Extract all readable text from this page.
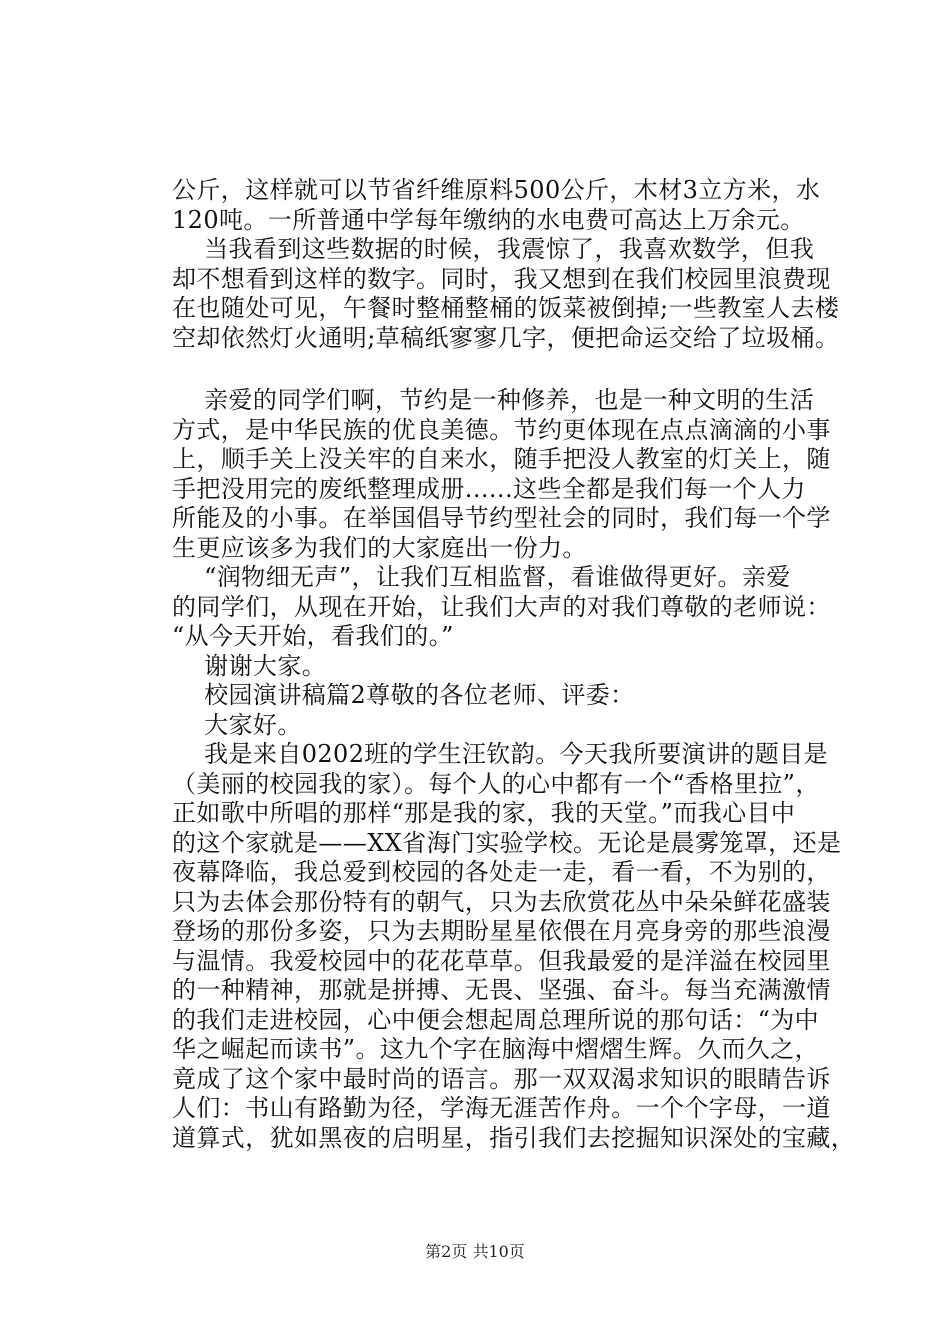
公斤，这样就可以节省纤维原料500公斤，木材3立方米，水
120吨。一所普通中学每年缴纳的水电费可高达上万余元。
当我看到这些数据的时候，我震惊了，我喜欢数学，但我
却不想看到这样的数字。同时，我又想到在我们校园里浪费现
在也随处可见，午餐时整桶整桶的饭菜被倒掉;一些教室人去楼
空却依然灯火通明;草稿纸寥寥几字，便把命运交给了垃圾桶。
亲爱的同学们啊，节约是一种修养，也是一种文明的生活
方式，是中华民族的优良美德。节约更体现在点点滴滴的小事
上，顺手关上没关牢的自来水，随手把没人教室的灯关上，随
手把没用完的废纸整理成册......这些全都是我们每一个人力
所能及的小事。在举国倡导节约型社会的同时，我们每一个学
生更应该多为我们的大家庭出一份力。
“润物细无声”，让我们互相监督，看谁做得更好。亲爱
的同学们，从现在开始，让我们大声的对我们尊敬的老师说：
“从今天开始，看我们的。”
谢谢大家。
校园演讲稿篇2尊敬的各位老师、评委：
大家好。
我是来自0202班的学生汪钦韵。今天我所要演讲的题目是
（美丽的校园我的家）。每个人的心中都有一个“香格里拉”，
正如歌中所唱的那样“那是我的家，我的天堂。”而我心目中
的这个家就是——XX省海门实验学校。无论是晨雾笼罩，还是
夜幕降临，我总爱到校园的各处走一走，看一看，不为别的，
只为去体会那份特有的朝气，只为去欣赏花丛中朵朵鲜花盛装
登场的那份多姿，只为去期盼星星依偎在月亮身旁的那些浪漫
与温情。我爱校园中的花花草草。但我最爱的是洋溢在校园里
的一种精神，那就是拼搏、无畏、坚强、奋斗。每当充满激情
的我们走进校园，心中便会想起周总理所说的那句话：“为中
华之崛起而读书”。这九个字在脑海中熠熠生辉。久而久之，
竟成了这个家中最时尚的语言。那一双双渴求知识的眼睛告诉
人们：书山有路勤为径，学海无涯苦作舟。一个个字母，一道
道算式，犹如黑夜的启明星，指引我们去挖掘知识深处的宝藏，
第2页 共10页
